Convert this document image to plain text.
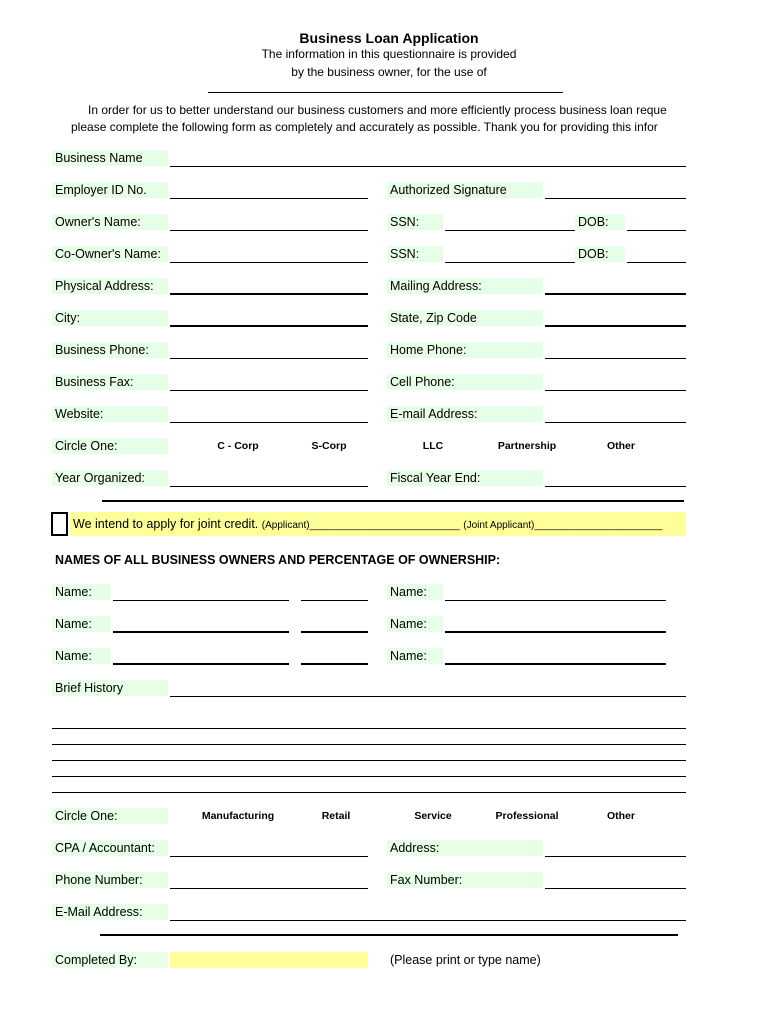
Business Loan Application
The information in this questionnaire is provided
by the business owner, for the use of
In order for us to better understand our business customers and more efficiently process business loan reque
please complete the following form as completely and accurately as possible. Thank you for providing this infor
Business Name
Employer ID No.	Authorized Signature
Owner's Name:	SSN:	DOB:
Co-Owner's Name:	SSN:	DOB:
Physical Address:	Mailing Address:
City:	State, Zip Code
Business Phone:	Home Phone:
Business Fax:	Cell Phone:
Website:	E-mail Address:
Circle One:	C - Corp	S-Corp	LLC	Partnership	Other
Year Organized:	Fiscal Year End:
We intend to apply for joint credit. (Applicant)___________________________ (Joint Applicant)_______________________
NAMES OF ALL BUSINESS OWNERS AND PERCENTAGE OF OWNERSHIP:
Name:	Name:
Name:	Name:
Name:	Name:
Brief History
Circle One:	Manufacturing	Retail	Service	Professional	Other
CPA / Accountant:	Address:
Phone Number:	Fax Number:
E-Mail Address:
Completed By:	(Please print or type name)
